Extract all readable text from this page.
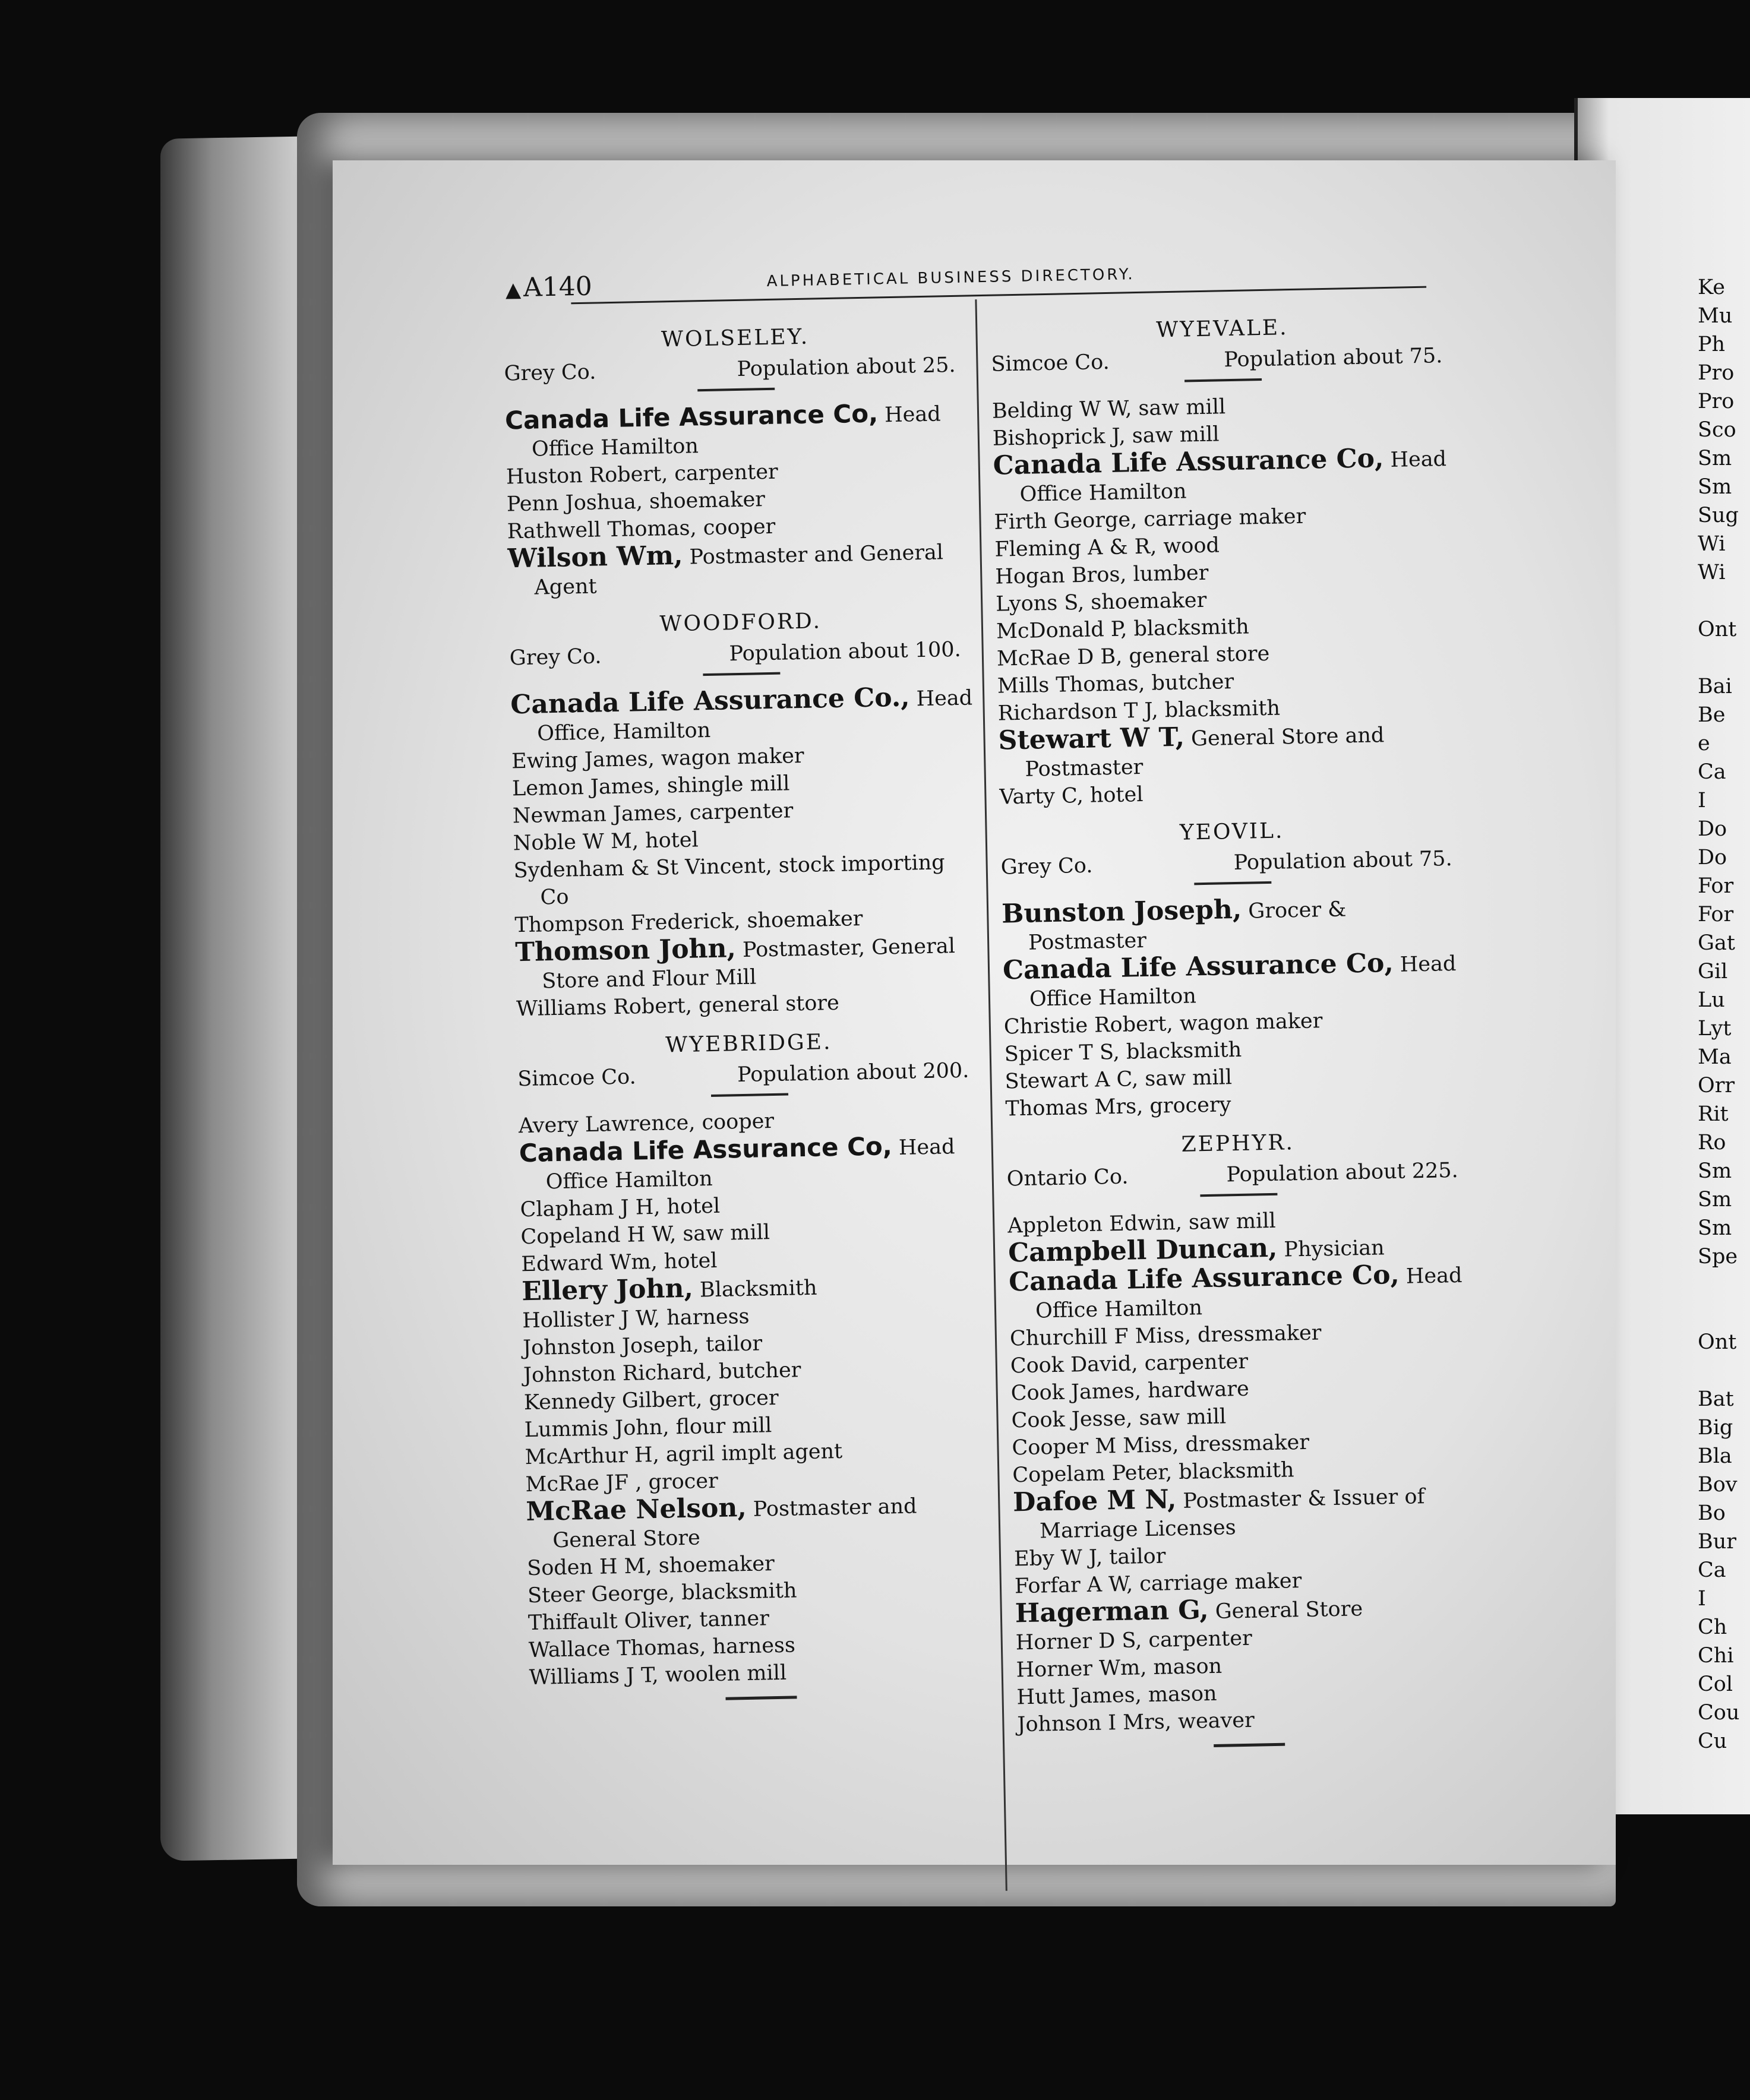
▲A140	ALPHABETICAL BUSINESS DIRECTORY.
WOLSELEY.
Grey Co.	Population about 25.
Canada Life Assurance Co, Head Office Hamilton
Huston Robert, carpenter
Penn Joshua, shoemaker
Rathwell Thomas, cooper
Wilson Wm, Postmaster and General Agent
WOODFORD.
Grey Co.	Population about 100.
Canada Life Assurance Co., Head Office, Hamilton
Ewing James, wagon maker
Lemon James, shingle mill
Newman James, carpenter
Noble W M, hotel
Sydenham & St Vincent, stock importing Co
Thompson Frederick, shoemaker
Thomson John, Postmaster, General Store and Flour Mill
Williams Robert, general store
WYEBRIDGE.
Simcoe Co.	Population about 200.
Avery Lawrence, cooper
Canada Life Assurance Co, Head Office Hamilton
Clapham J H, hotel
Copeland H W, saw mill
Edward Wm, hotel
Ellery John, Blacksmith
Hollister J W, harness
Johnston Joseph, tailor
Johnston Richard, butcher
Kennedy Gilbert, grocer
Lummis John, flour mill
McArthur H, agril implt agent
McRae JF , grocer
McRae Nelson, Postmaster and General Store
Soden H M, shoemaker
Steer George, blacksmith
Thiffault Oliver, tanner
Wallace Thomas, harness
Williams J T, woolen mill
WYEVALE.
Simcoe Co.	Population about 75.
Belding W W, saw mill
Bishoprick J, saw mill
Canada Life Assurance Co, Head Office Hamilton
Firth George, carriage maker
Fleming A & R, wood
Hogan Bros, lumber
Lyons S, shoemaker
McDonald P, blacksmith
McRae D B, general store
Mills Thomas, butcher
Richardson T J, blacksmith
Stewart W T, General Store and Postmaster
Varty C, hotel
YEOVIL.
Grey Co.	Population about 75.
Bunston Joseph, Grocer & Postmaster
Canada Life Assurance Co, Head Office Hamilton
Christie Robert, wagon maker
Spicer T S, blacksmith
Stewart A C, saw mill
Thomas Mrs, grocery
ZEPHYR.
Ontario Co.	Population about 225.
Appleton Edwin, saw mill
Campbell Duncan, Physician
Canada Life Assurance Co, Head Office Hamilton
Churchill F Miss, dressmaker
Cook David, carpenter
Cook James, hardware
Cook Jesse, saw mill
Cooper M Miss, dressmaker
Copelam Peter, blacksmith
Dafoe M N, Postmaster & Issuer of Marriage Licenses
Eby W J, tailor
Forfar A W, carriage maker
Hagerman G, General Store
Horner D S, carpenter
Horner Wm, mason
Hutt James, mason
Johnson I Mrs, weaver
Ke
Mu
Ph
Pro
Pro
Sco
Sm
Sm
Sug
Wi
Wi

Ont

Bai
Be
e
Ca
I
Do
Do
For
For
Gat
Gil
Lu
Lyt
Ma
Orr
Rit
Ro
Sm
Sm
Sm
Spe

Ont

Bat
Big
Bla
Bov
Bo
Bur
Ca
I
Ch
Chi
Col
Cou
Cu
